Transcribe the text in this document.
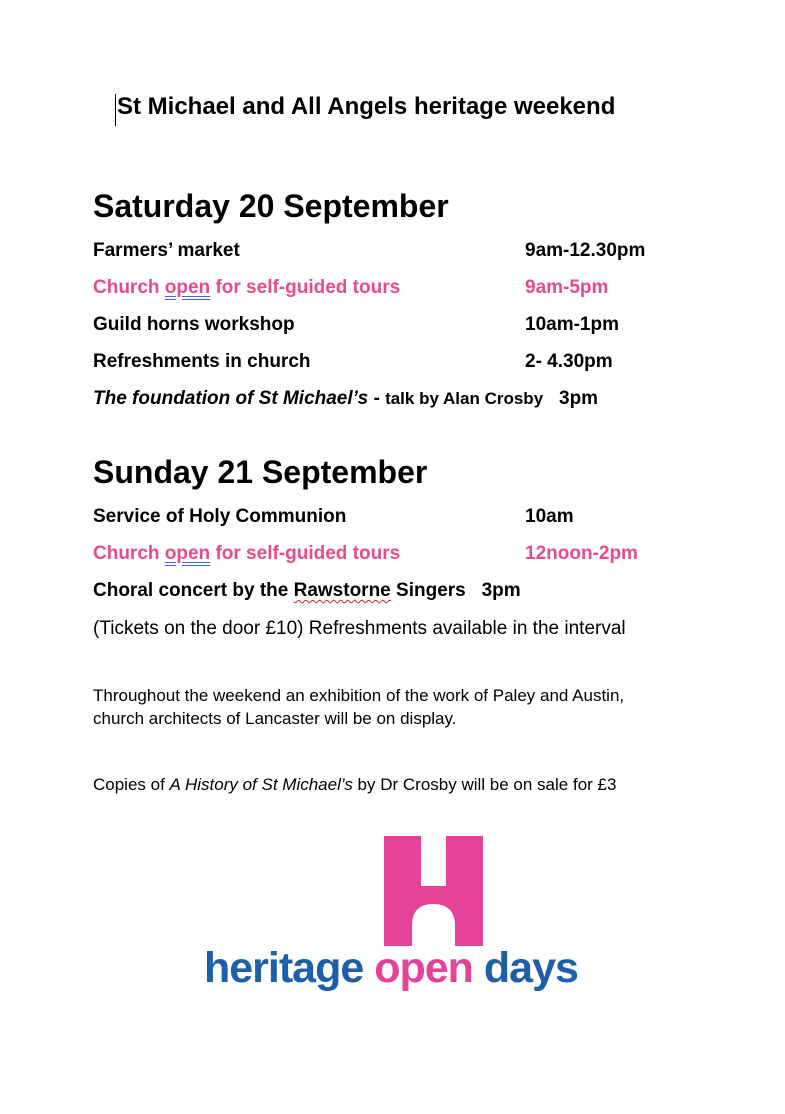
St Michael and All Angels heritage weekend
Saturday 20 September
Farmers’ market	9am-12.30pm
Church open for self-guided tours	9am-5pm
Guild horns workshop	10am-1pm
Refreshments in church	2- 4.30pm
The foundation of St Michael’s - talk by Alan Crosby 3pm
Sunday 21 September
Service of Holy Communion	10am
Church open for self-guided tours	12noon-2pm
Choral concert by the Rawstorne Singers 3pm
(Tickets on the door £10) Refreshments available in the interval
Throughout the weekend an exhibition of the work of Paley and Austin,
church architects of Lancaster will be on display.
Copies of A History of St Michael’s by Dr Crosby will be on sale for £3
heritage open days
